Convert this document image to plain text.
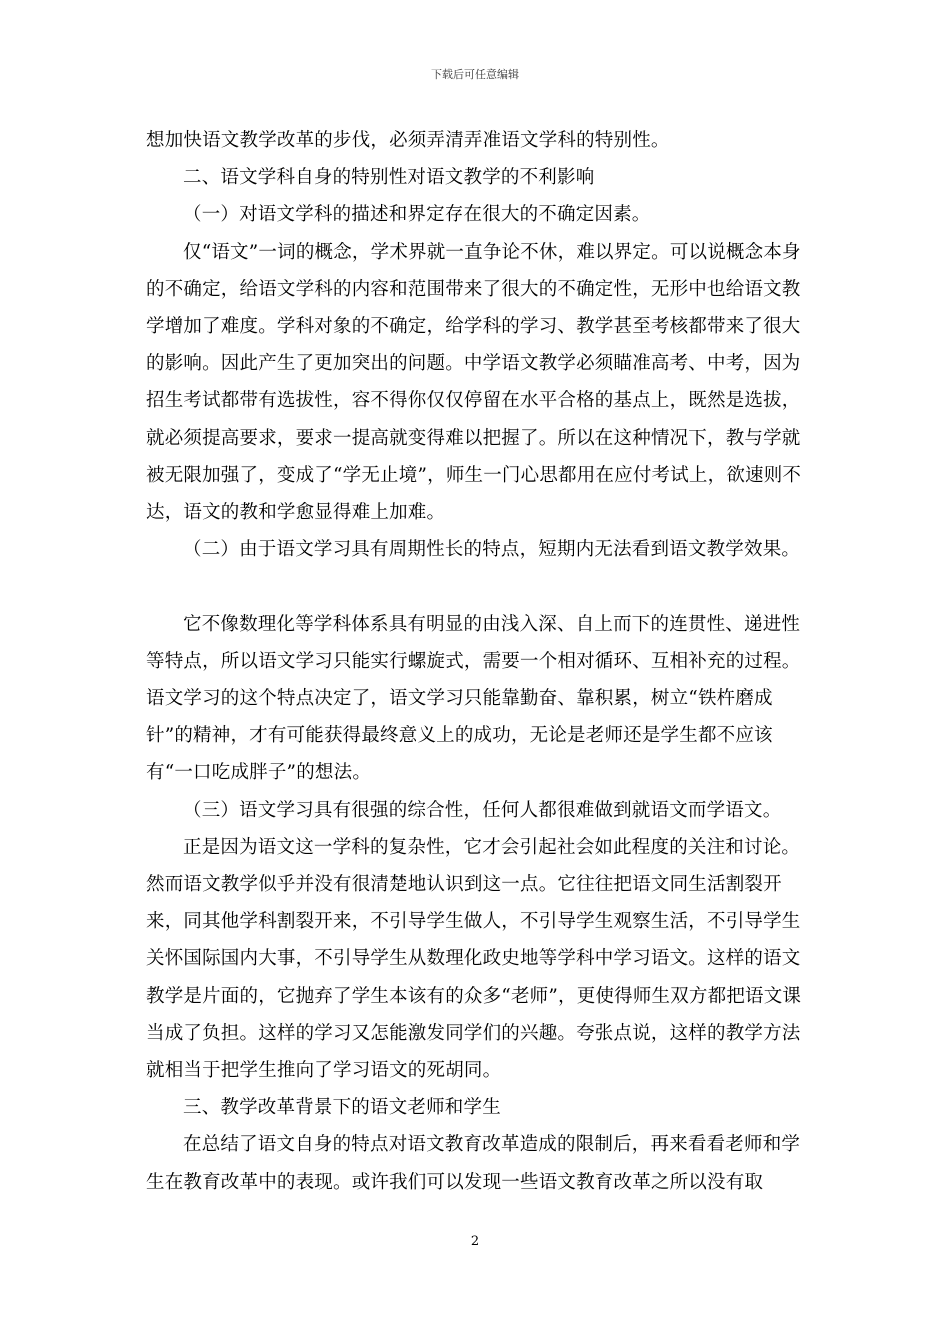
下载后可任意编辑

想加快语文教学改革的步伐，必须弄清弄准语文学科的特别性。

二、语文学科自身的特别性对语文教学的不利影响

（一）对语文学科的描述和界定存在很大的不确定因素。

仅“语文”一词的概念，学术界就一直争论不休，难以界定。可以说概念本身的不确定，给语文学科的内容和范围带来了很大的不确定性，无形中也给语文教学增加了难度。学科对象的不确定，给学科的学习、教学甚至考核都带来了很大的影响。因此产生了更加突出的问题。中学语文教学必须瞄准高考、中考，因为招生考试都带有选拔性，容不得你仅仅停留在水平合格的基点上，既然是选拔，就必须提高要求，要求一提高就变得难以把握了。所以在这种情况下，教与学就被无限加强了，变成了“学无止境”，师生一门心思都用在应付考试上，欲速则不达，语文的教和学愈显得难上加难。

（二）由于语文学习具有周期性长的特点，短期内无法看到语文教学效果。

它不像数理化等学科体系具有明显的由浅入深、自上而下的连贯性、递进性等特点，所以语文学习只能实行螺旋式，需要一个相对循环、互相补充的过程。语文学习的这个特点决定了，语文学习只能靠勤奋、靠积累，树立“铁杵磨成针”的精神，才有可能获得最终意义上的成功，无论是老师还是学生都不应该有“一口吃成胖子”的想法。

（三）语文学习具有很强的综合性，任何人都很难做到就语文而学语文。

正是因为语文这一学科的复杂性，它才会引起社会如此程度的关注和讨论。然而语文教学似乎并没有很清楚地认识到这一点。它往往把语文同生活割裂开来，同其他学科割裂开来，不引导学生做人，不引导学生观察生活，不引导学生关怀国际国内大事，不引导学生从数理化政史地等学科中学习语文。这样的语文教学是片面的，它抛弃了学生本该有的众多“老师”，更使得师生双方都把语文课当成了负担。这样的学习又怎能激发同学们的兴趣。夸张点说，这样的教学方法就相当于把学生推向了学习语文的死胡同。

三、教学改革背景下的语文老师和学生

在总结了语文自身的特点对语文教育改革造成的限制后，再来看看老师和学生在教育改革中的表现。或许我们可以发现一些语文教育改革之所以没有取

2
